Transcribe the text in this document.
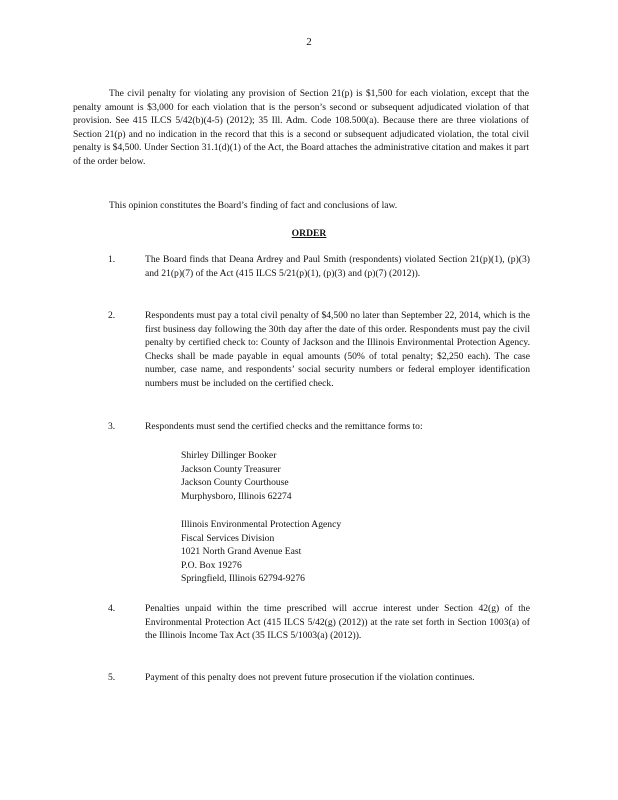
2

The civil penalty for violating any provision of Section 21(p) is $1,500 for each violation, except that the penalty amount is $3,000 for each violation that is the person’s second or subsequent adjudicated violation of that provision. See 415 ILCS 5/42(b)(4-5) (2012); 35 Ill. Adm. Code 108.500(a). Because there are three violations of Section 21(p) and no indication in the record that this is a second or subsequent adjudicated violation, the total civil penalty is $4,500. Under Section 31.1(d)(1) of the Act, the Board attaches the administrative citation and makes it part of the order below.

This opinion constitutes the Board’s finding of fact and conclusions of law.

ORDER
1.	The Board finds that Deana Ardrey and Paul Smith (respondents) violated Section 21(p)(1), (p)(3) and 21(p)(7) of the Act (415 ILCS 5/21(p)(1), (p)(3) and (p)(7) (2012)).
2.	Respondents must pay a total civil penalty of $4,500 no later than September 22, 2014, which is the first business day following the 30th day after the date of this order. Respondents must pay the civil penalty by certified check to: County of Jackson and the Illinois Environmental Protection Agency. Checks shall be made payable in equal amounts (50% of total penalty; $2,250 each). The case number, case name, and respondents’ social security numbers or federal employer identification numbers must be included on the certified check.
3.	Respondents must send the certified checks and the remittance forms to:
Shirley Dillinger Booker
Jackson County Treasurer
Jackson County Courthouse
Murphysboro, Illinois 62274
Illinois Environmental Protection Agency
Fiscal Services Division
1021 North Grand Avenue East
P.O. Box 19276
Springfield, Illinois 62794-9276
4.	Penalties unpaid within the time prescribed will accrue interest under Section 42(g) of the Environmental Protection Act (415 ILCS 5/42(g) (2012)) at the rate set forth in Section 1003(a) of the Illinois Income Tax Act (35 ILCS 5/1003(a) (2012)).
5.	Payment of this penalty does not prevent future prosecution if the violation continues.
